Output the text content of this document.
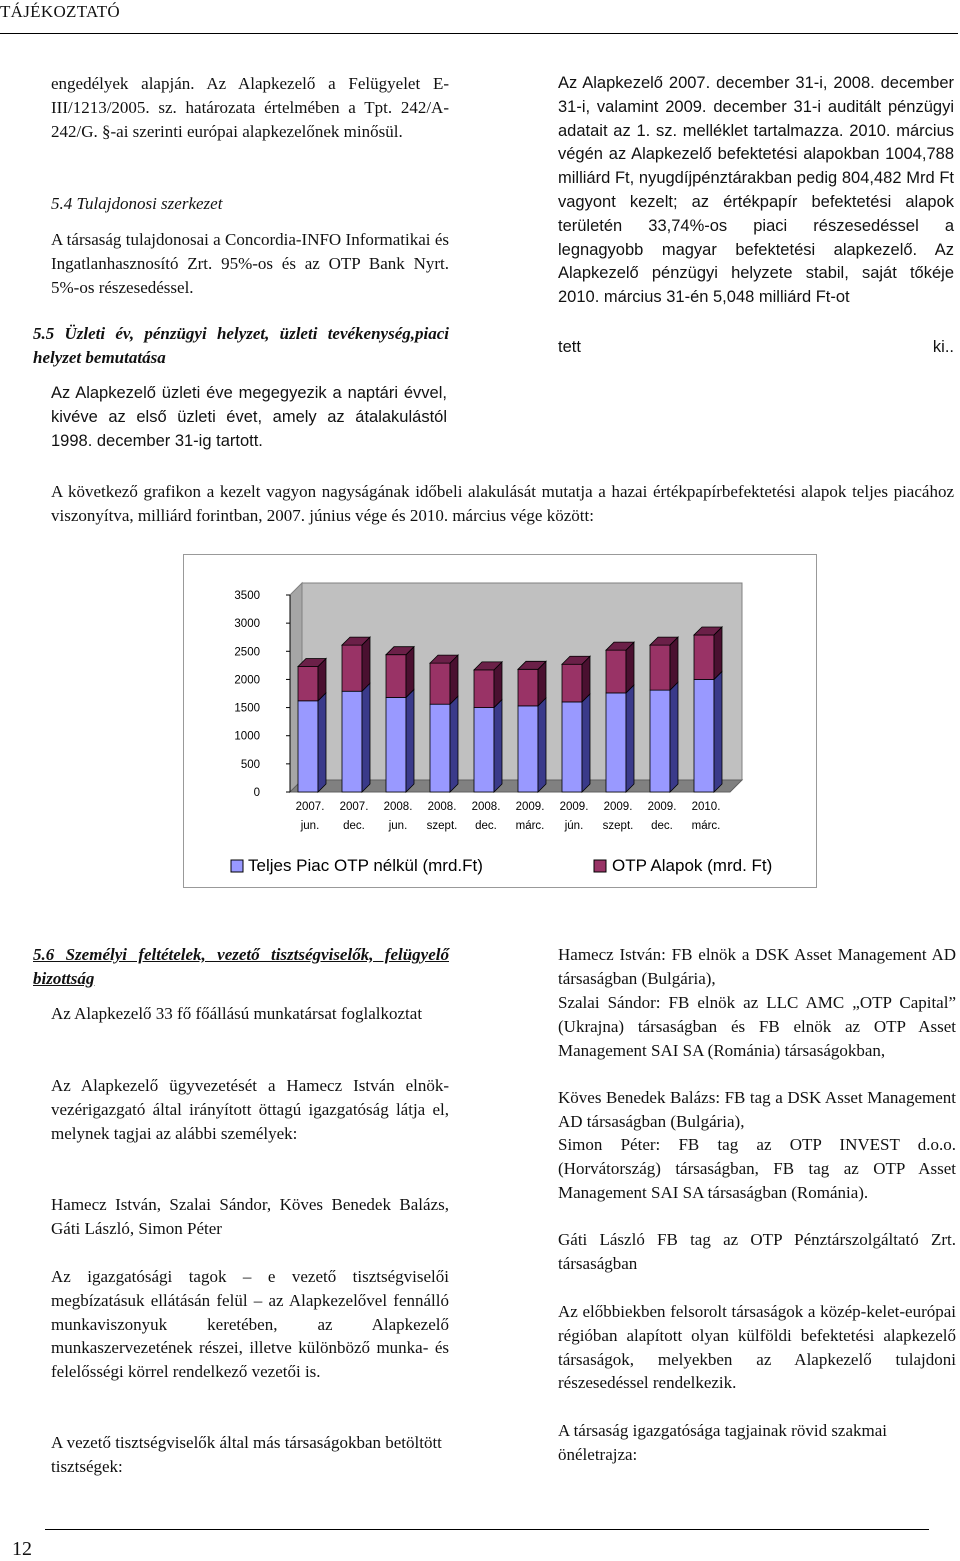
TÁJÉKOZTATÓ
engedélyek alapján. Az Alapkezelő a Felügyelet E-III/1213/2005. sz. határozata értelmében a Tpt. 242/A-242/G. §-ai szerinti európai alapkezelőnek minősül.
5.4 Tulajdonosi szerkezet
A társaság tulajdonosai a Concordia-INFO Informatikai és Ingatlanhasznosító Zrt. 95%-os és az OTP Bank Nyrt. 5%-os részesedéssel.
5.5 Üzleti év, pénzügyi helyzet, üzleti tevékenység,piaci helyzet bemutatása
Az Alapkezelő üzleti éve megegyezik a naptári évvel, kivéve az első üzleti évet, amely az átalakulástól 1998. december 31-ig tartott.
Az Alapkezelő 2007. december 31-i, 2008. december 31-i, valamint 2009. december 31-i auditált pénzügyi adatait az 1. sz. melléklet tartalmazza. 2010. március végén az Alapkezelő befektetési alapokban 1004,788 milliárd Ft, nyugdíjpénztárakban pedig 804,482 Mrd Ft vagyont kezelt; az értékpapír befektetési alapok területén 33,74%-os piaci részesedéssel a legnagyobb magyar befektetési alapkezelő. Az Alapkezelő pénzügyi helyzete stabil, saját tőkéje 2010. március 31-én 5,048 milliárd Ft-ot
tett	ki..
A következő grafikon a kezelt vagyon nagyságának időbeli alakulását mutatja a hazai értékpapírbefektetési alapok teljes piacához viszonyítva, milliárd forintban, 2007. június vége és 2010. március vége között:
3500
3000
2500
2000
1500
1000
500
0
2007.
jun.
2007.
dec.
2008.
jun.
2008.
szept.
2008.
dec.
2009.
márc.
2009.
jún.
2009.
szept.
2009.
dec.
2010.
márc.
Teljes Piac OTP nélkül (mrd.Ft)	OTP Alapok (mrd. Ft)
5.6 Személyi feltételek, vezető tisztségviselők, felügyelő bizottság
Az Alapkezelő 33 fő főállású munkatársat foglalkoztat
Az Alapkezelő ügyvezetését a Hamecz István elnök-vezérigazgató által irányított öttagú igazgatóság látja el, melynek tagjai az alábbi személyek:
Hamecz István, Szalai Sándor, Köves Benedek Balázs, Gáti László, Simon Péter
Az igazgatósági tagok – e vezető tisztségviselői megbízatásuk ellátásán felül – az Alapkezelővel fennálló munkaviszonyuk keretében, az Alapkezelő munkaszervezetének részei, illetve különböző munka- és felelősségi körrel rendelkező vezetői is.
A vezető tisztségviselők által más társaságokban betöltött tisztségek:
Hamecz István: FB elnök a DSK Asset Management AD társaságban (Bulgária),
Szalai Sándor: FB elnök az LLC AMC „OTP Capital” (Ukrajna) társaságban és FB elnök az OTP Asset Management SAI SA (Románia) társaságokban,
Köves Benedek Balázs: FB tag a DSK Asset Management AD társaságban (Bulgária),
Simon Péter: FB tag az OTP INVEST d.o.o. (Horvátország) társaságban, FB tag az OTP Asset Management SAI SA társaságban (Románia).
Gáti László FB tag az OTP Pénztárszolgáltató Zrt. társaságban
Az előbbiekben felsorolt társaságok a közép-kelet-európai régióban alapított olyan külföldi befektetési alapkezelő társaságok, melyekben az Alapkezelő tulajdoni részesedéssel rendelkezik.
A társaság igazgatósága tagjainak rövid szakmai önéletrajza:
12
